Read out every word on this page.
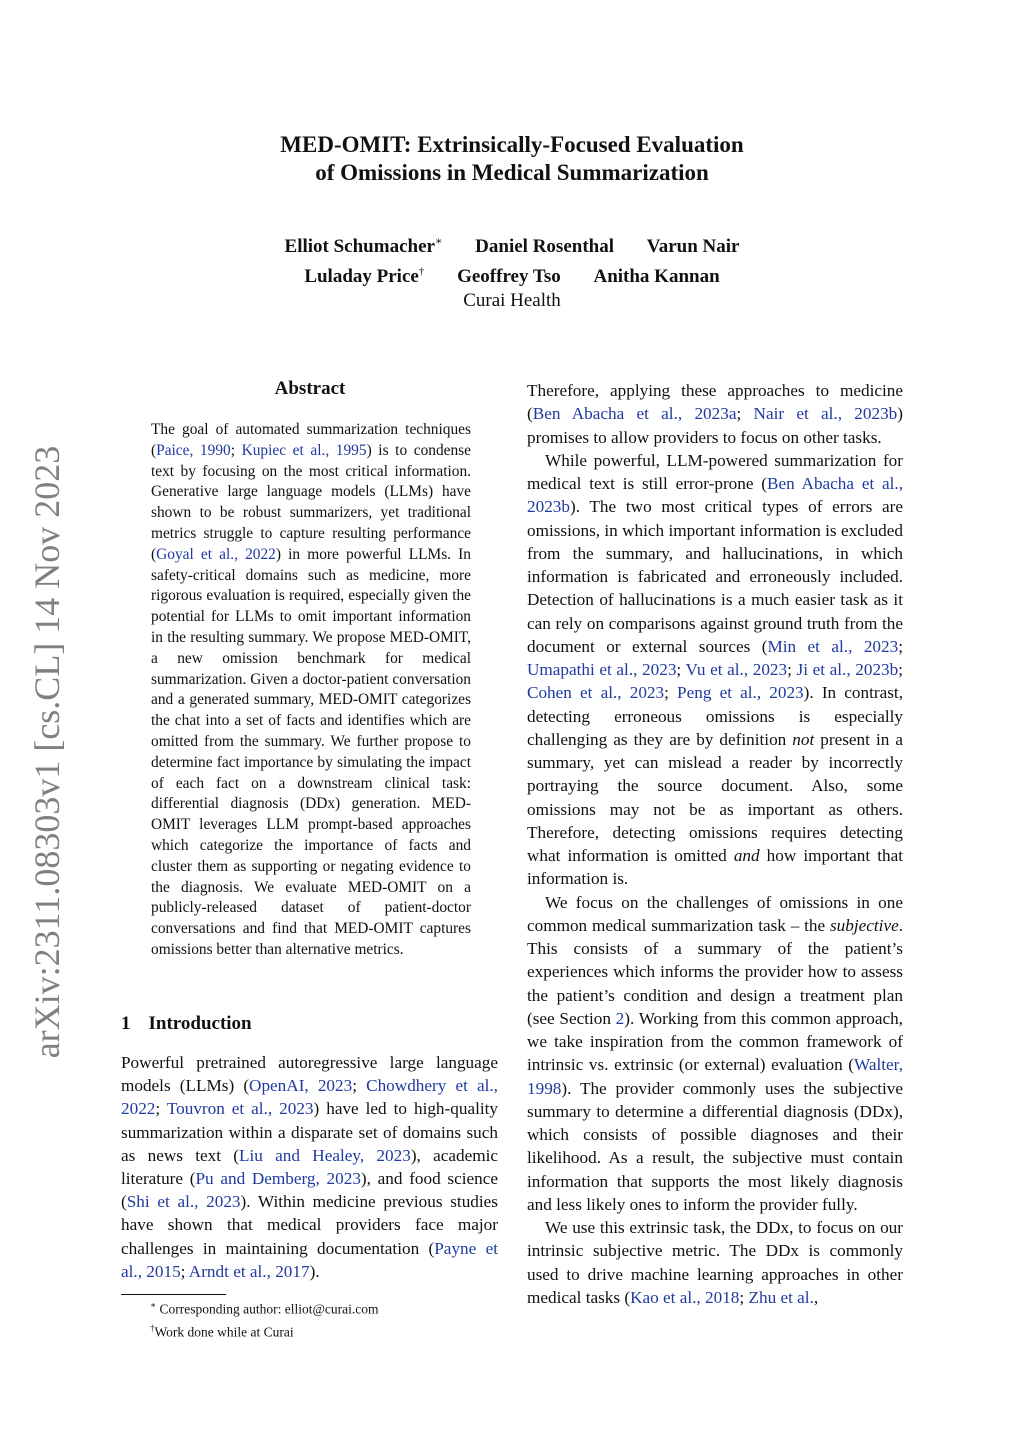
MED-OMIT: Extrinsically-Focused Evaluation
of Omissions in Medical Summarization
Elliot Schumacher∗ Daniel Rosenthal Varun Nair
Luladay Price† Geoffrey Tso Anitha Kannan
Curai Health
arXiv:2311.08303v1 [cs.CL] 14 Nov 2023
Abstract
The goal of automated summarization techniques (Paice, 1990; Kupiec et al., 1995) is to condense text by focusing on the most critical information. Generative large language models (LLMs) have shown to be robust summarizers, yet traditional metrics struggle to capture resulting performance (Goyal et al., 2022) in more powerful LLMs. In safety-critical domains such as medicine, more rigorous evaluation is required, especially given the potential for LLMs to omit important information in the resulting summary. We propose MED-OMIT, a new omission benchmark for medical summarization. Given a doctor-patient conversation and a generated summary, MED-OMIT categorizes the chat into a set of facts and identifies which are omitted from the summary. We further propose to determine fact importance by simulating the impact of each fact on a downstream clinical task: differential diagnosis (DDx) generation. MED-OMIT leverages LLM prompt-based approaches which categorize the importance of facts and cluster them as supporting or negating evidence to the diagnosis. We evaluate MED-OMIT on a publicly-released dataset of patient-doctor conversations and find that MED-OMIT captures omissions better than alternative metrics.
1 Introduction
Powerful pretrained autoregressive large language models (LLMs) (OpenAI, 2023; Chowdhery et al., 2022; Touvron et al., 2023) have led to high-quality summarization within a disparate set of domains such as news text (Liu and Healey, 2023), academic literature (Pu and Demberg, 2023), and food science (Shi et al., 2023). Within medicine previous studies have shown that medical providers face major challenges in maintaining documentation (Payne et al., 2015; Arndt et al., 2017).
∗ Corresponding author: elliot@curai.com
†Work done while at Curai

Therefore, applying these approaches to medicine (Ben Abacha et al., 2023a; Nair et al., 2023b) promises to allow providers to focus on other tasks.

While powerful, LLM-powered summarization for medical text is still error-prone (Ben Abacha et al., 2023b). The two most critical types of errors are omissions, in which important information is excluded from the summary, and hallucinations, in which information is fabricated and erroneously included. Detection of hallucinations is a much easier task as it can rely on comparisons against ground truth from the document or external sources (Min et al., 2023; Umapathi et al., 2023; Vu et al., 2023; Ji et al., 2023b; Cohen et al., 2023; Peng et al., 2023). In contrast, detecting erroneous omissions is especially challenging as they are by definition not present in a summary, yet can mislead a reader by incorrectly portraying the source document. Also, some omissions may not be as important as others. Therefore, detecting omissions requires detecting what information is omitted and how important that information is.

We focus on the challenges of omissions in one common medical summarization task – the subjective. This consists of a summary of the patient’s experiences which informs the provider how to assess the patient’s condition and design a treatment plan (see Section 2). Working from this common approach, we take inspiration from the common framework of intrinsic vs. extrinsic (or external) evaluation (Walter, 1998). The provider commonly uses the subjective summary to determine a differential diagnosis (DDx), which consists of possible diagnoses and their likelihood. As a result, the subjective must contain information that supports the most likely diagnosis and less likely ones to inform the provider fully.

We use this extrinsic task, the DDx, to focus on our intrinsic subjective metric. The DDx is commonly used to drive machine learning approaches in other medical tasks (Kao et al., 2018; Zhu et al.,
